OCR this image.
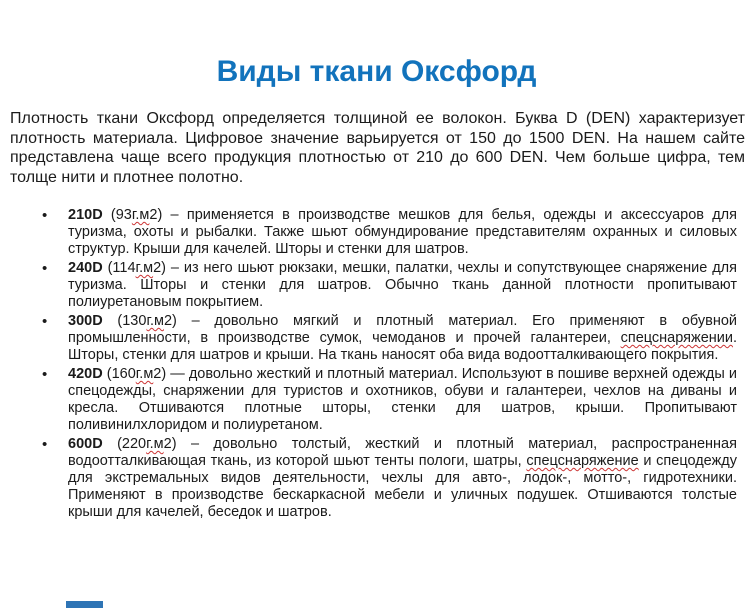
Виды ткани Оксфорд

Плотность ткани Оксфорд определяется толщиной ее волокон. Буква D (DEN) характеризует плотность материала. Цифровое значение варьируется от 150 до 1500 DEN. На нашем сайте представлена чаще всего продукция плотностью от 210 до 600 DEN. Чем больше цифра, тем толще нити и плотнее полотно.

• 210D (93г.м2) – применяется в производстве мешков для белья, одежды и аксессуаров для туризма, охоты и рыбалки. Также шьют обмундирование представителям охранных и силовых структур. Крыши для качелей. Шторы и стенки для шатров.
• 240D (114г.м2) – из него шьют рюкзаки, мешки, палатки, чехлы и сопутствующее снаряжение для туризма. Шторы и стенки для шатров. Обычно ткань данной плотности пропитывают полиуретановым покрытием.
• 300D (130г.м2) – довольно мягкий и плотный материал. Его применяют в обувной промышленности, в производстве сумок, чемоданов и прочей галантереи, спецснаряжении. Шторы, стенки для шатров и крыши. На ткань наносят оба вида водоотталкивающего покрытия.
• 420D (160г.м2) — довольно жесткий и плотный материал. Используют в пошиве верхней одежды и спецодежды, снаряжении для туристов и охотников, обуви и галантереи, чехлов на диваны и кресла. Отшиваются плотные шторы, стенки для шатров, крыши. Пропитывают поливинилхлоридом и полиуретаном.
• 600D (220г.м2) – довольно толстый, жесткий и плотный материал, распространенная водоотталкивающая ткань, из которой шьют тенты пологи, шатры, спецснаряжение и спецодежду для экстремальных видов деятельности, чехлы для авто-, лодок-, мотто-, гидротехники. Применяют в производстве бескаркасной мебели и уличных подушек. Отшиваются толстые крыши для качелей, беседок и шатров.
